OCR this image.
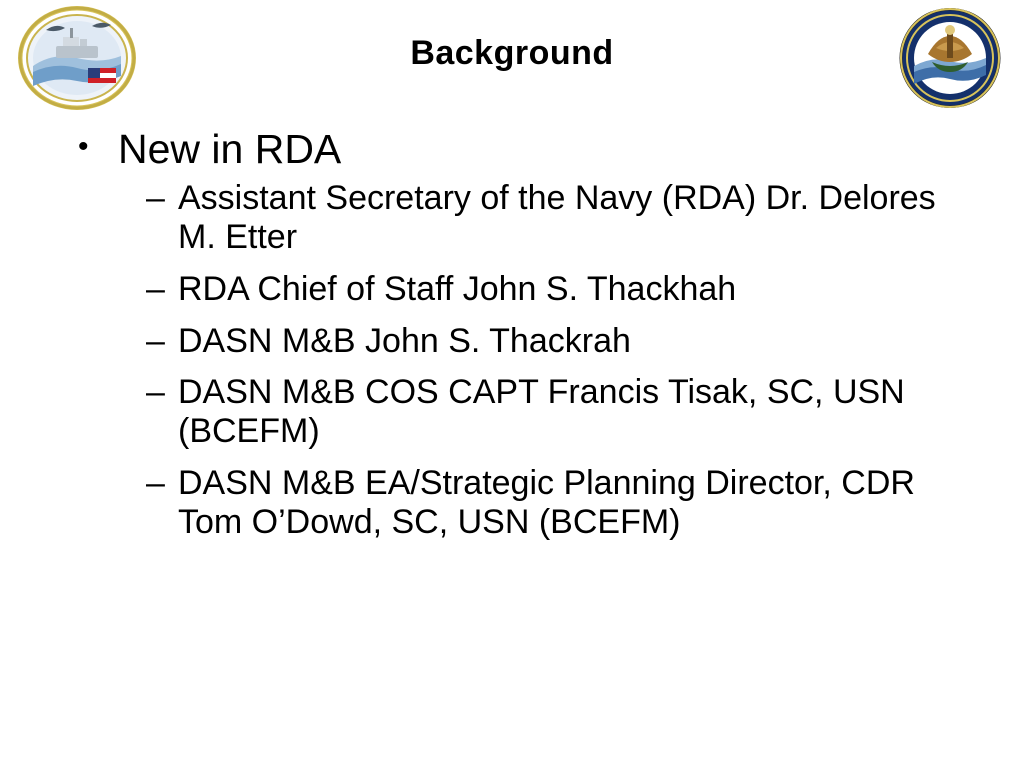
Background
• New in RDA
– Assistant Secretary of the Navy (RDA) Dr. Delores M. Etter
– RDA Chief of Staff John S. Thackhah
– DASN M&B John S. Thackrah
– DASN M&B COS CAPT Francis Tisak, SC, USN (BCEFM)
– DASN M&B EA/Strategic Planning Director, CDR Tom O’Dowd, SC, USN (BCEFM)
